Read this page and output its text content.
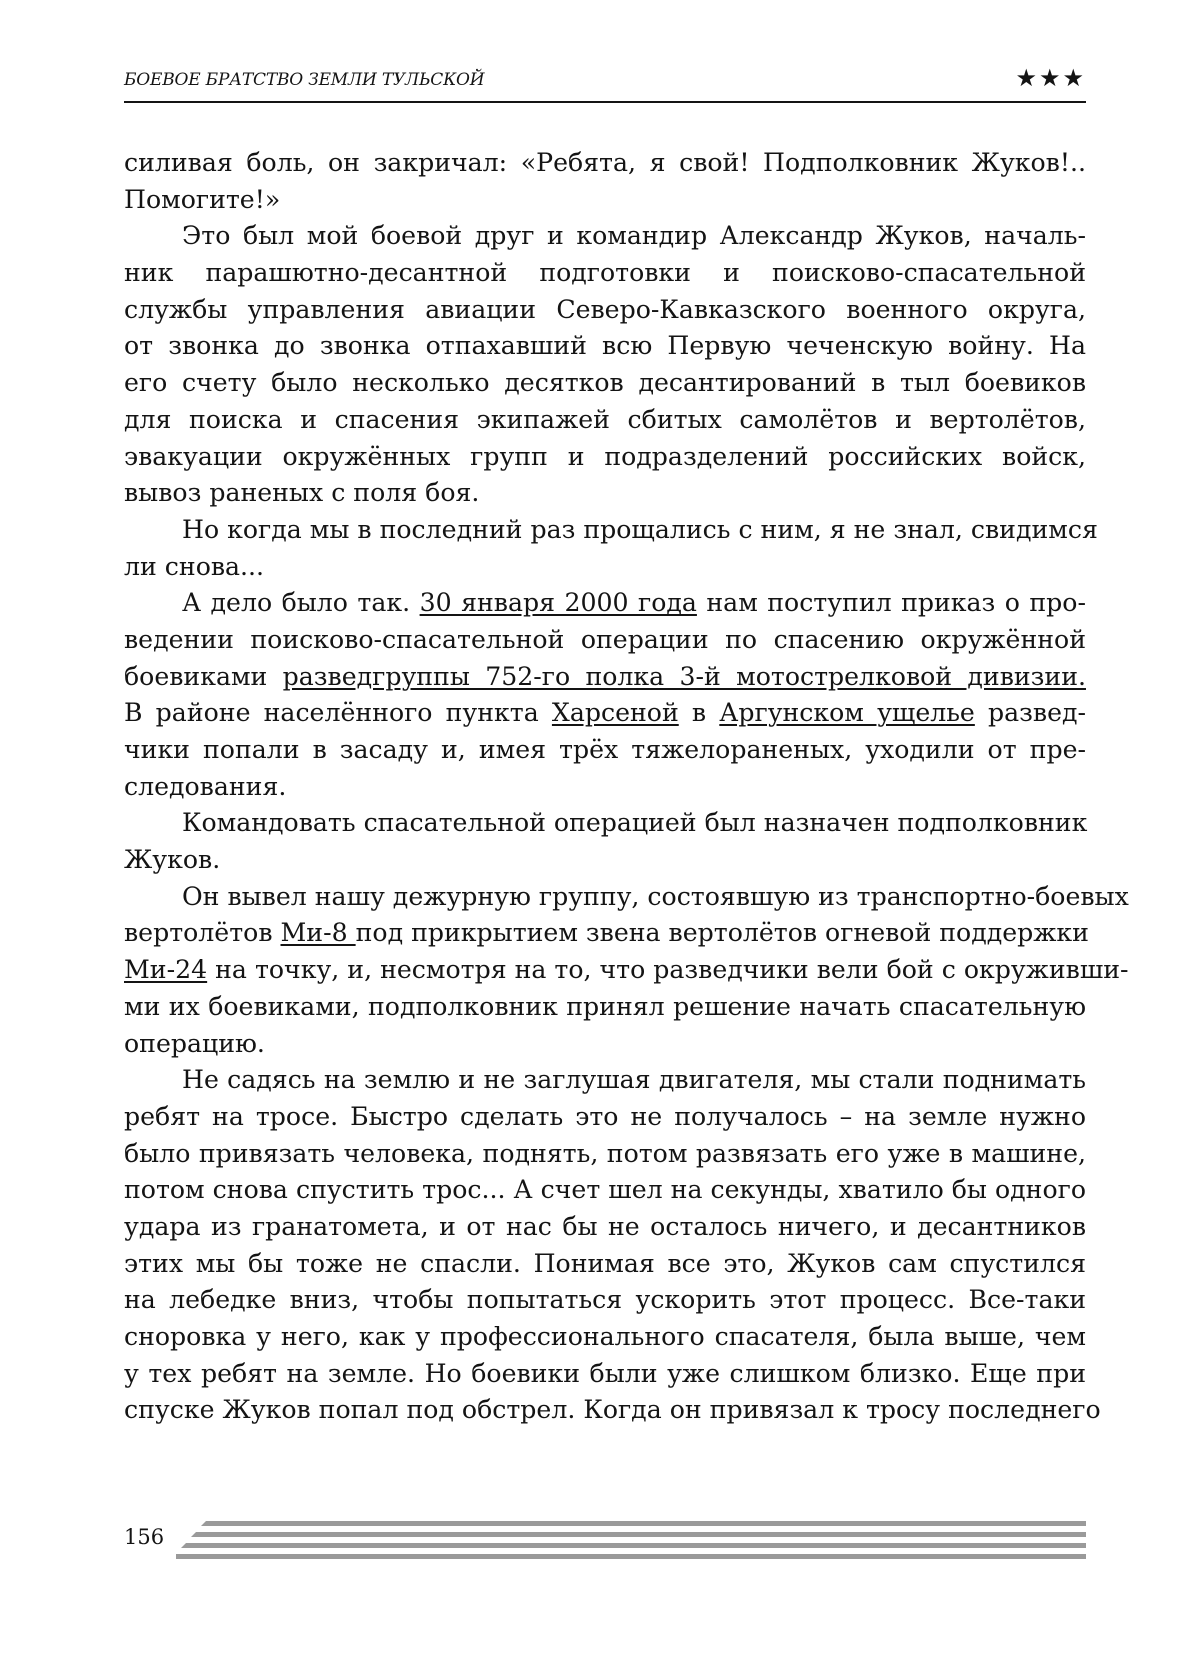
БОЕВОЕ БРАТСТВО ЗЕМЛИ ТУЛЬСКОЙ	★★★
силивая боль, он закричал: «Ребята, я свой! Подполковник Жуков!..
Помогите!»
Это был мой боевой друг и командир Александр Жуков, началь-
ник парашютно-десантной подготовки и поисково-спасательной
службы управления авиации Северо-Кавказского военного округа,
от звонка до звонка отпахавший всю Первую чеченскую войну. На
его счету было несколько десятков десантирований в тыл боевиков
для поиска и спасения экипажей сбитых самолётов и вертолётов,
эвакуации окружённых групп и подразделений российских войск,
вывоз раненых с поля боя.
Но когда мы в последний раз прощались с ним, я не знал, свидимся
ли снова...
А дело было так. 30 января 2000 года нам поступил приказ о про-
ведении поисково-спасательной операции по спасению окружённой
боевиками разведгруппы 752-го полка 3-й мотострелковой дивизии.
В районе населённого пункта Харсеной в Аргунском ущелье развед-
чики попали в засаду и, имея трёх тяжелораненых, уходили от пре-
следования.
Командовать спасательной операцией был назначен подполковник
Жуков.
Он вывел нашу дежурную группу, состоявшую из транспортно-боевых
вертолётов Ми-8 под прикрытием звена вертолётов огневой поддержки
Ми-24 на точку, и, несмотря на то, что разведчики вели бой с окруживши-
ми их боевиками, подполковник принял решение начать спасательную
операцию.
Не садясь на землю и не заглушая двигателя, мы стали поднимать
ребят на тросе. Быстро сделать это не получалось – на земле нужно
было привязать человека, поднять, потом развязать его уже в машине,
потом снова спустить трос... А счет шел на секунды, хватило бы одного
удара из гранатомета, и от нас бы не осталось ничего, и десантников
этих мы бы тоже не спасли. Понимая все это, Жуков сам спустился
на лебедке вниз, чтобы попытаться ускорить этот процесс. Все-таки
сноровка у него, как у профессионального спасателя, была выше, чем
у тех ребят на земле. Но боевики были уже слишком близко. Еще при
спуске Жуков попал под обстрел. Когда он привязал к тросу последнего
156
